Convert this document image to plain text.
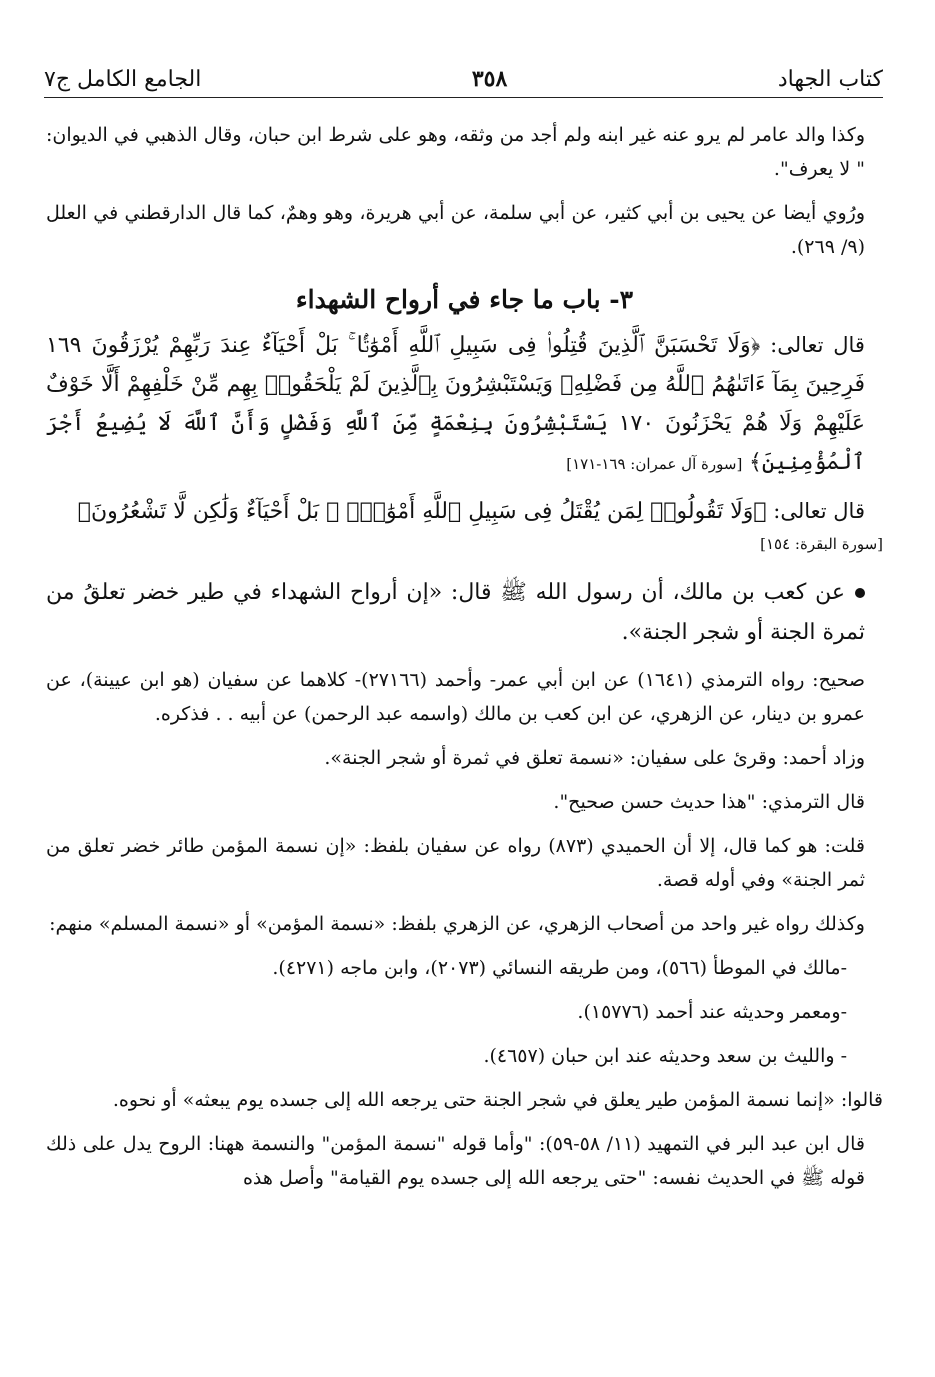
كتاب الجهاد
٣٥٨
الجامع الكامل ج٧

وكذا والد عامر لم يرو عنه غير ابنه ولم أجد من وثقه، وهو على شرط ابن حبان، وقال الذهبي في الديوان: " لا يعرف".

ورُوي أيضا عن يحيى بن أبي كثير، عن أبي سلمة، عن أبي هريرة، وهو وهمٌ، كما قال الدارقطني في العلل (٩/ ٢٦٩).

٣- باب ما جاء في أرواح الشهداء

قال تعالى: ﴿وَلَا تَحْسَبَنَّ ٱلَّذِينَ قُتِلُوا۟ فِى سَبِيلِ ٱللَّهِ أَمْوَٰتًۢا ۚ بَلْ أَحْيَآءٌ عِندَ رَبِّهِمْ يُرْزَقُونَ ١٦٩ فَرِحِينَ بِمَآ ءَاتَىٰهُمُ ٱللَّهُ مِن فَضْلِهِۦ وَيَسْتَبْشِرُونَ بِٱلَّذِينَ لَمْ يَلْحَقُوا۟ بِهِم مِّنْ خَلْفِهِمْ أَلَّا خَوْفٌ عَلَيْهِمْ وَلَا هُمْ يَحْزَنُونَ ١٧٠ يَسْتَبْشِرُونَ بِنِعْمَةٍ مِّنَ ٱللَّهِ وَفَضْلٍ وَأَنَّ ٱللَّهَ لَا يُضِيعُ أَجْرَ ٱلْمُؤْمِنِينَ﴾ [سورة آل عمران: ١٦٩-١٧١]

قال تعالى: ﴿وَلَا تَقُولُوا۟ لِمَن يُقْتَلُ فِى سَبِيلِ ٱللَّهِ أَمْوَٰتٌۢ ۚ بَلْ أَحْيَآءٌ وَلَٰكِن لَّا تَشْعُرُونَ﴾

[سورة البقرة: ١٥٤]

عن كعب بن مالك، أن رسول الله ﷺ قال: «إن أرواح الشهداء في طير خضر تعلقُ من ثمرة الجنة أو شجر الجنة».

صحيح: رواه الترمذي (١٦٤١) عن ابن أبي عمر- وأحمد (٢٧١٦٦)- كلاهما عن سفيان (هو ابن عيينة)، عن عمرو بن دينار، عن الزهري، عن ابن كعب بن مالك (واسمه عبد الرحمن) عن أبيه . . فذكره.

وزاد أحمد: وقرئ على سفيان: «نسمة تعلق في ثمرة أو شجر الجنة».

قال الترمذي: "هذا حديث حسن صحيح".

قلت: هو كما قال، إلا أن الحميدي (٨٧٣) رواه عن سفيان بلفظ: «إن نسمة المؤمن طائر خضر تعلق من ثمر الجنة» وفي أوله قصة.

وكذلك رواه غير واحد من أصحاب الزهري، عن الزهري بلفظ: «نسمة المؤمن» أو «نسمة المسلم» منهم:

-مالك في الموطأ (٥٦٦)، ومن طريقه النسائي (٢٠٧٣)، وابن ماجه (٤٢٧١).

-ومعمر وحديثه عند أحمد (١٥٧٧٦).

- والليث بن سعد وحديثه عند ابن حبان (٤٦٥٧).

قالوا: «إنما نسمة المؤمن طير يعلق في شجر الجنة حتى يرجعه الله إلى جسده يوم يبعثه» أو نحوه.

قال ابن عبد البر في التمهيد (١١/ ٥٨-٥٩): "وأما قوله "نسمة المؤمن" والنسمة ههنا: الروح يدل على ذلك قوله ﷺ في الحديث نفسه: "حتى يرجعه الله إلى جسده يوم القيامة" وأصل هذه
